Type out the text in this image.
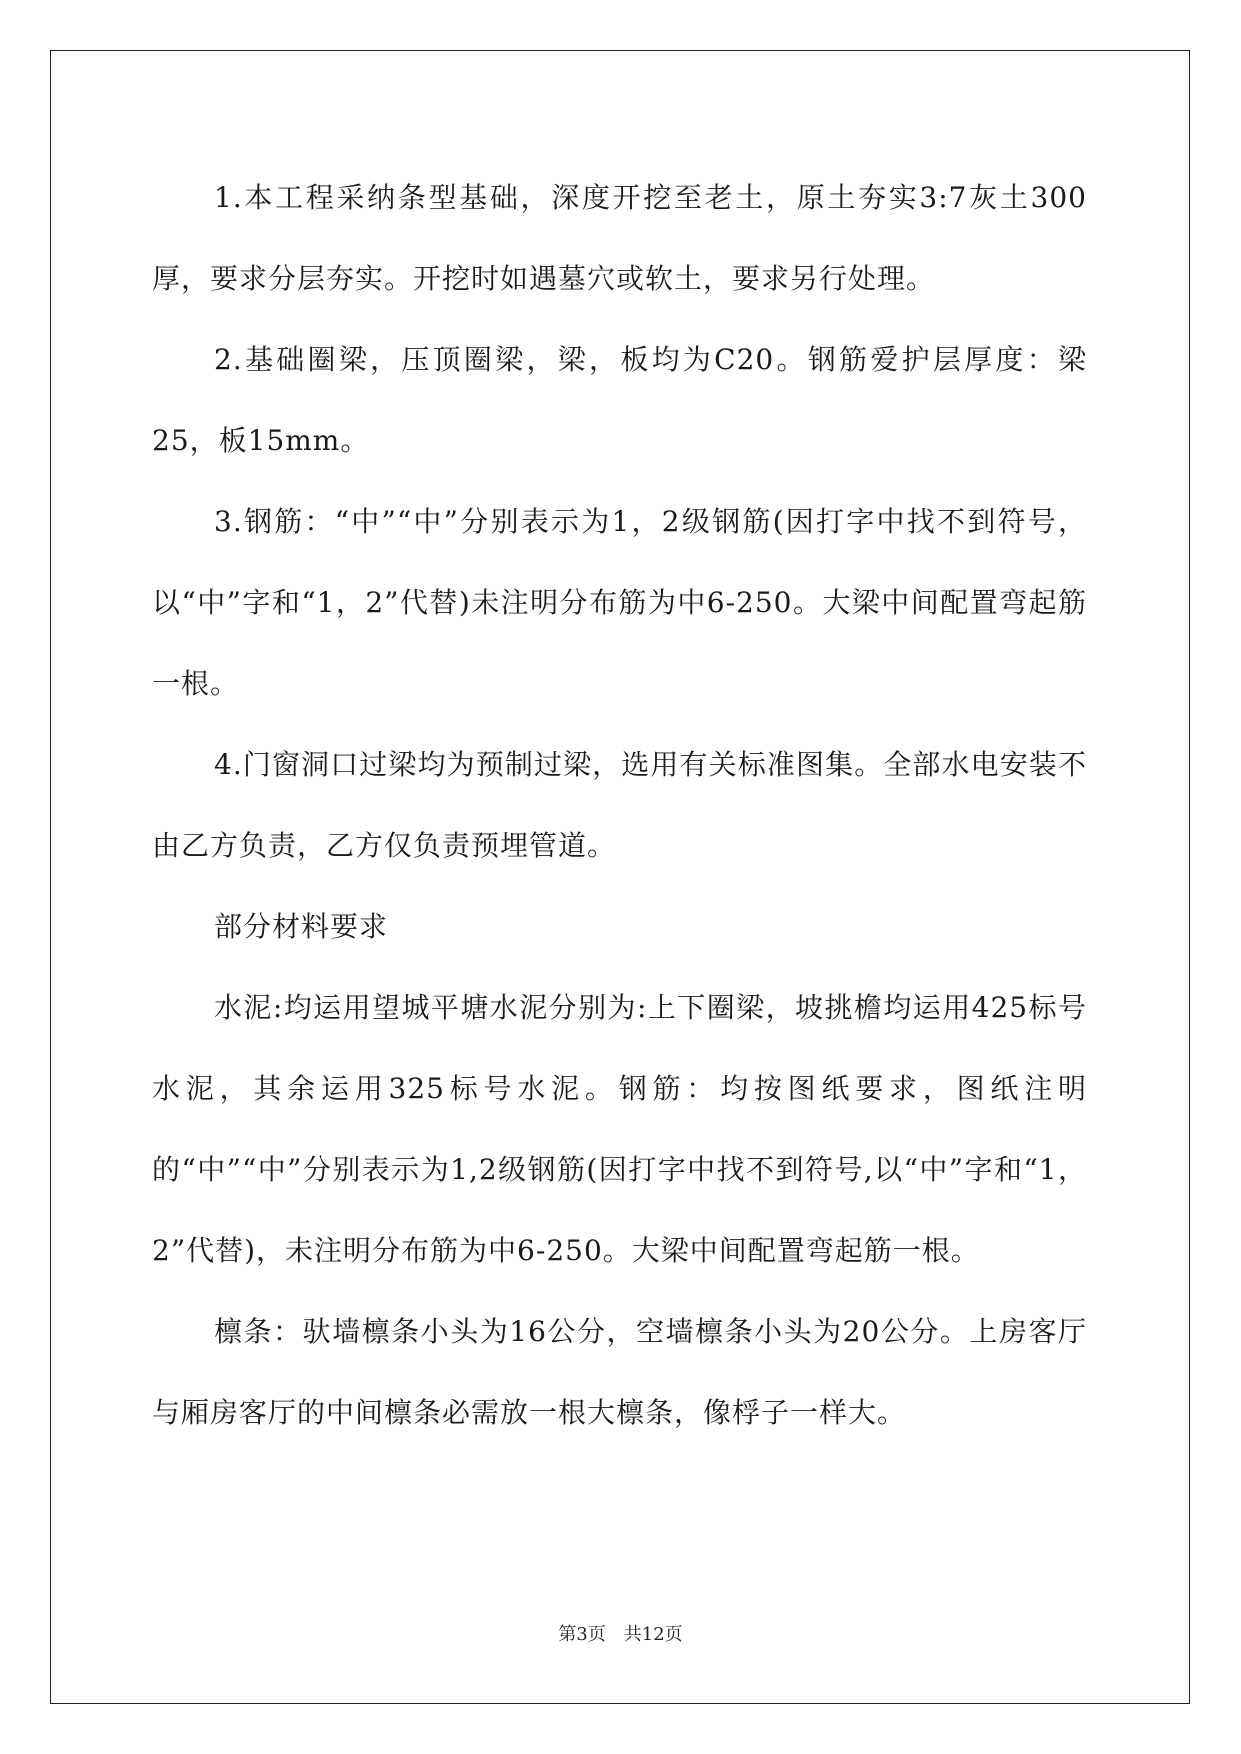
1.本工程采纳条型基础，深度开挖至老土，原土夯实3:7灰土300厚，要求分层夯实。开挖时如遇墓穴或软土，要求另行处理。

2.基础圈梁，压顶圈梁，梁，板均为C20。钢筋爱护层厚度：梁25，板15mm。

3.钢筋：“中”“中”分别表示为1，2级钢筋(因打字中找不到符号，以“中”字和“1，2”代替)未注明分布筋为中6-250。大梁中间配置弯起筋一根。

4.门窗洞口过梁均为预制过梁，选用有关标准图集。全部水电安装不由乙方负责，乙方仅负责预埋管道。

部分材料要求

水泥:均运用望城平塘水泥分别为:上下圈梁，坡挑檐均运用425标号水泥，其余运用325标号水泥。钢筋：均按图纸要求，图纸注明的“中”“中”分别表示为1,2级钢筋(因打字中找不到符号,以“中”字和“1，2”代替)，未注明分布筋为中6-250。大梁中间配置弯起筋一根。

檩条：驮墙檩条小头为16公分，空墙檩条小头为20公分。上房客厅与厢房客厅的中间檩条必需放一根大檩条，像桴子一样大。

第3页 共12页
